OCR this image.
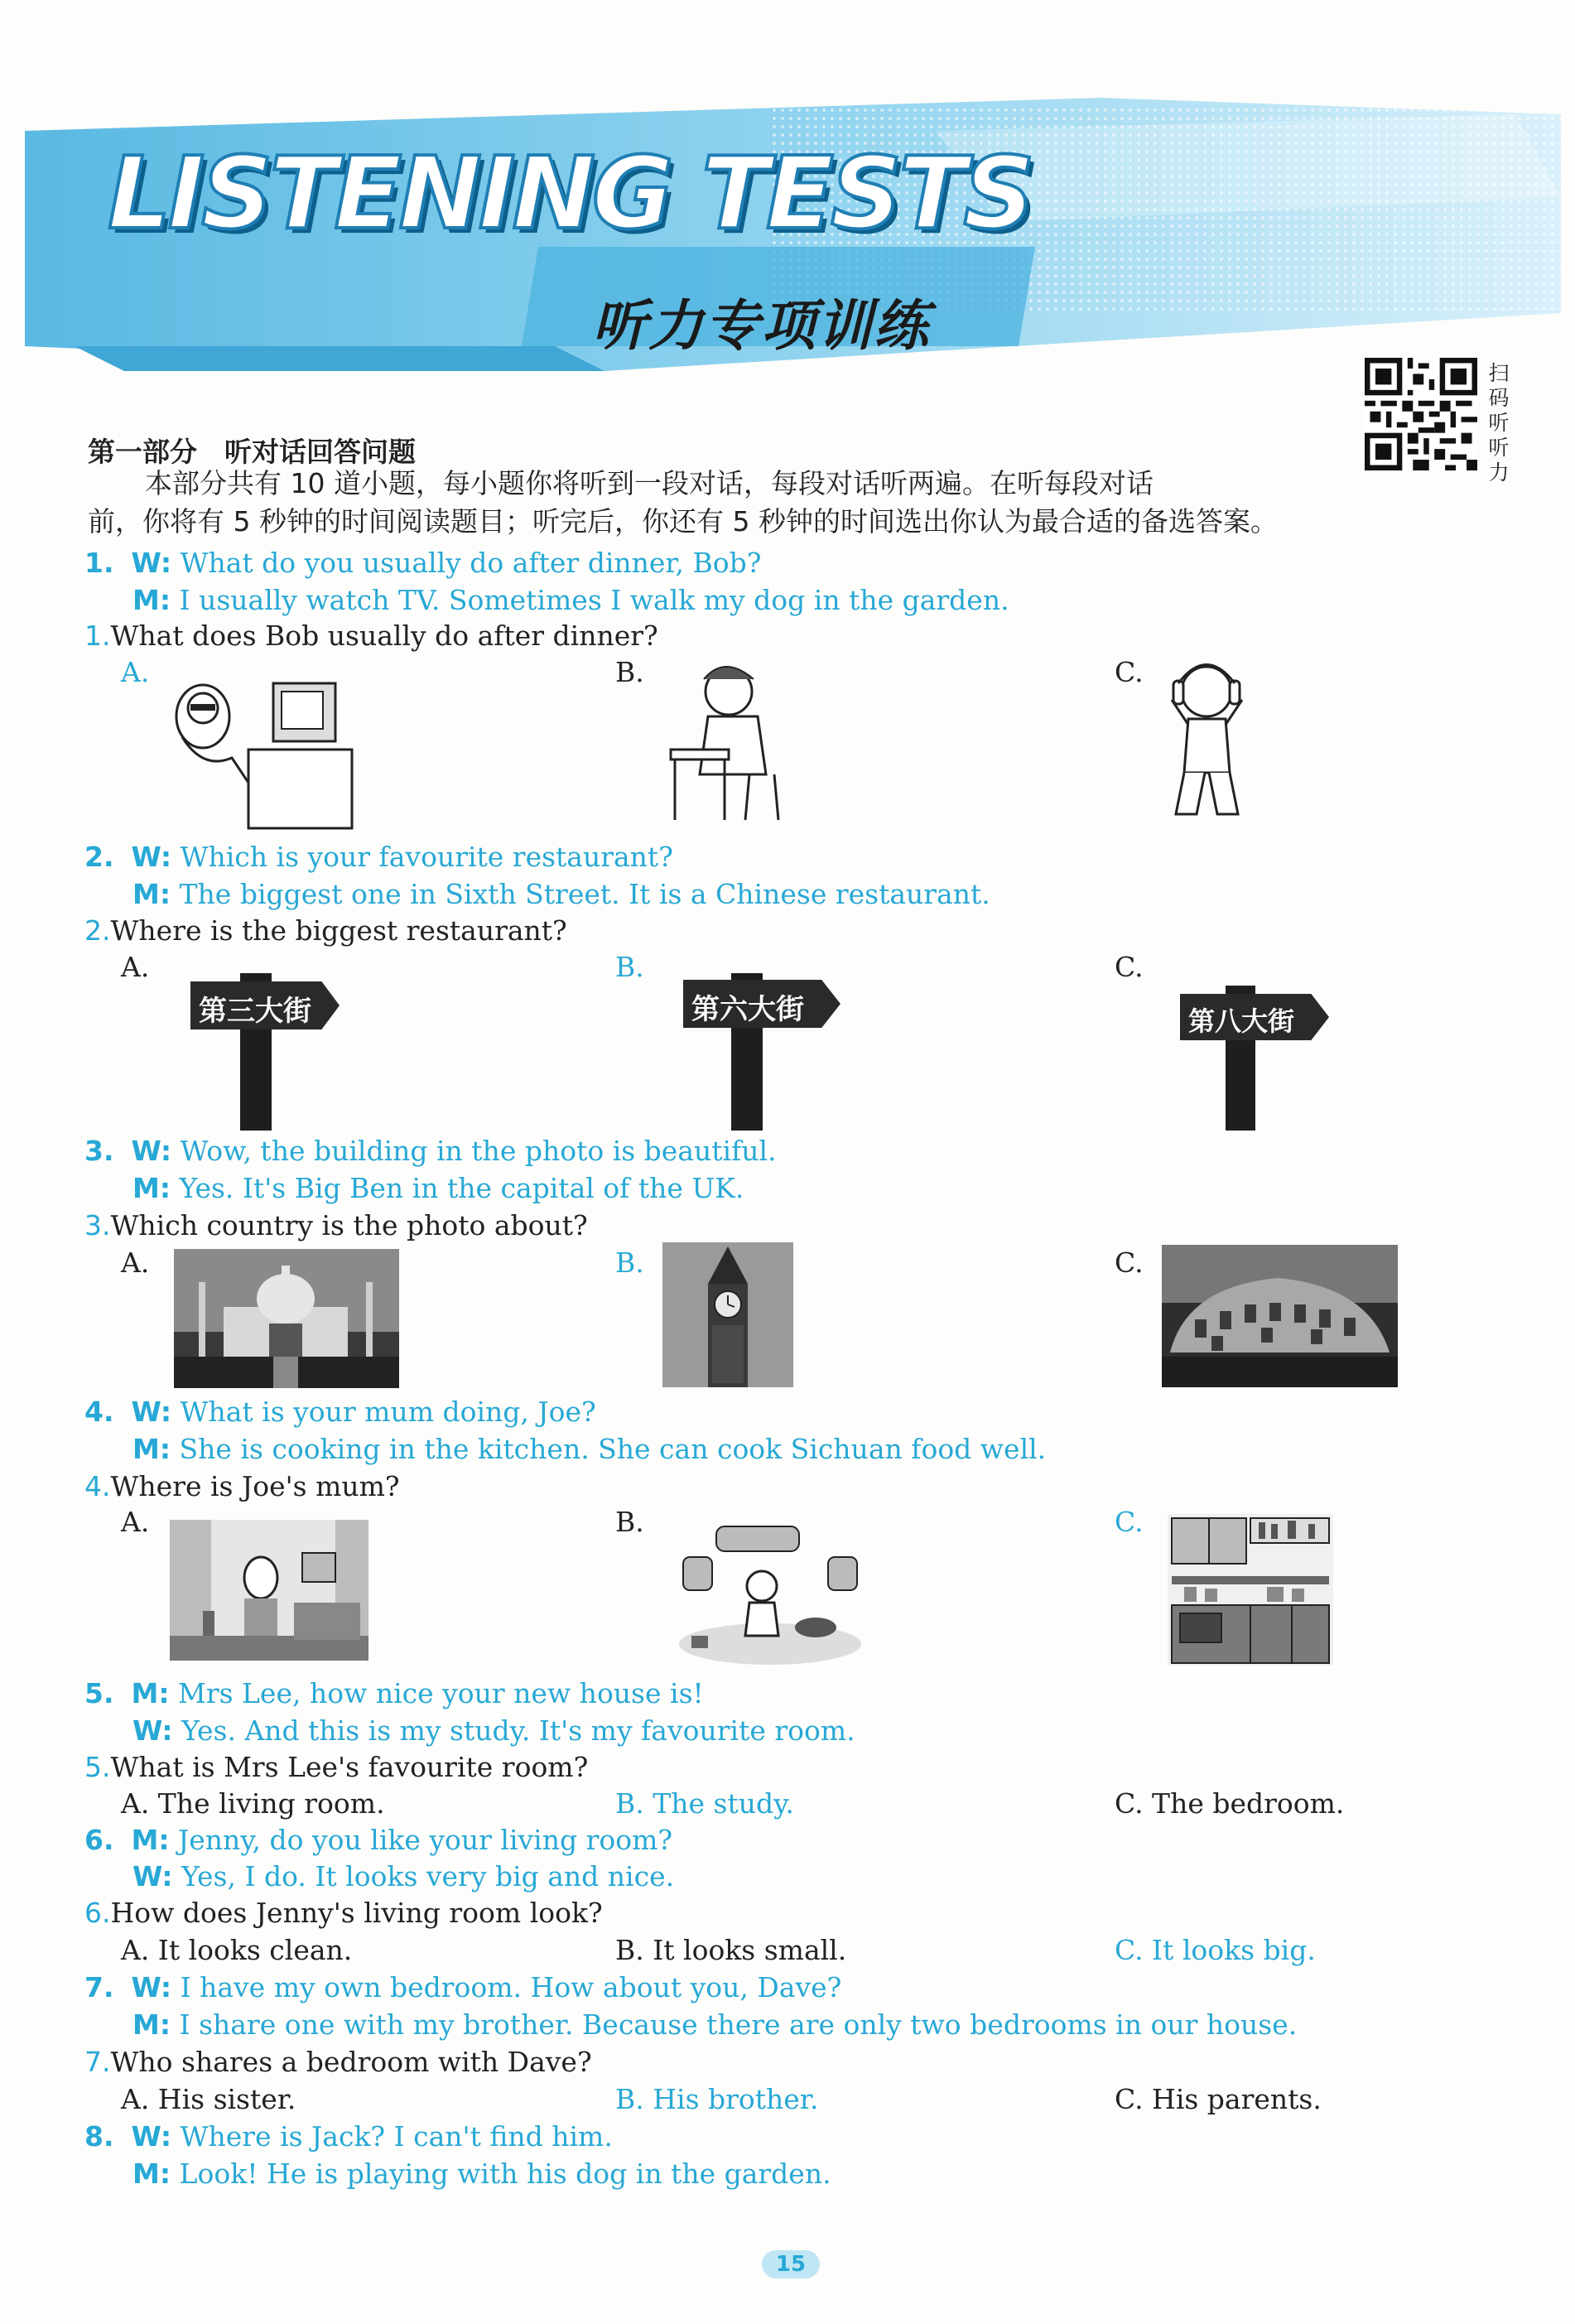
LISTENING TESTS
听力专项训练
扫
码
听
听
力
第一部分　听对话回答问题
本部分共有 10 道小题，每小题你将听到一段对话，每段对话听两遍。在听每段对话
前，你将有 5 秒钟的时间阅读题目；听完后，你还有 5 秒钟的时间选出你认为最合适的备选答案。
1. W: What do you usually do after dinner, Bob?
M: I usually watch TV. Sometimes I walk my dog in the garden.
1.What does Bob usually do after dinner?
A.	B.	C.
2. W: Which is your favourite restaurant?
M: The biggest one in Sixth Street. It is a Chinese restaurant.
2.Where is the biggest restaurant?
A.	B.	C.
第三大街	第六大街	第八大街
3. W: Wow, the building in the photo is beautiful.
M: Yes. It's Big Ben in the capital of the UK.
3.Which country is the photo about?
A.	B.	C.
4. W: What is your mum doing, Joe?
M: She is cooking in the kitchen. She can cook Sichuan food well.
4.Where is Joe's mum?
A.	B.	C.
5. M: Mrs Lee, how nice your new house is!
W: Yes. And this is my study. It's my favourite room.
5.What is Mrs Lee's favourite room?
A. The living room.	B. The study.	C. The bedroom.
6. M: Jenny, do you like your living room?
W: Yes, I do. It looks very big and nice.
6.How does Jenny's living room look?
A. It looks clean.	B. It looks small.	C. It looks big.
7. W: I have my own bedroom. How about you, Dave?
M: I share one with my brother. Because there are only two bedrooms in our house.
7.Who shares a bedroom with Dave?
A. His sister.	B. His brother.	C. His parents.
8. W: Where is Jack? I can't find him.
M: Look! He is playing with his dog in the garden.
15
